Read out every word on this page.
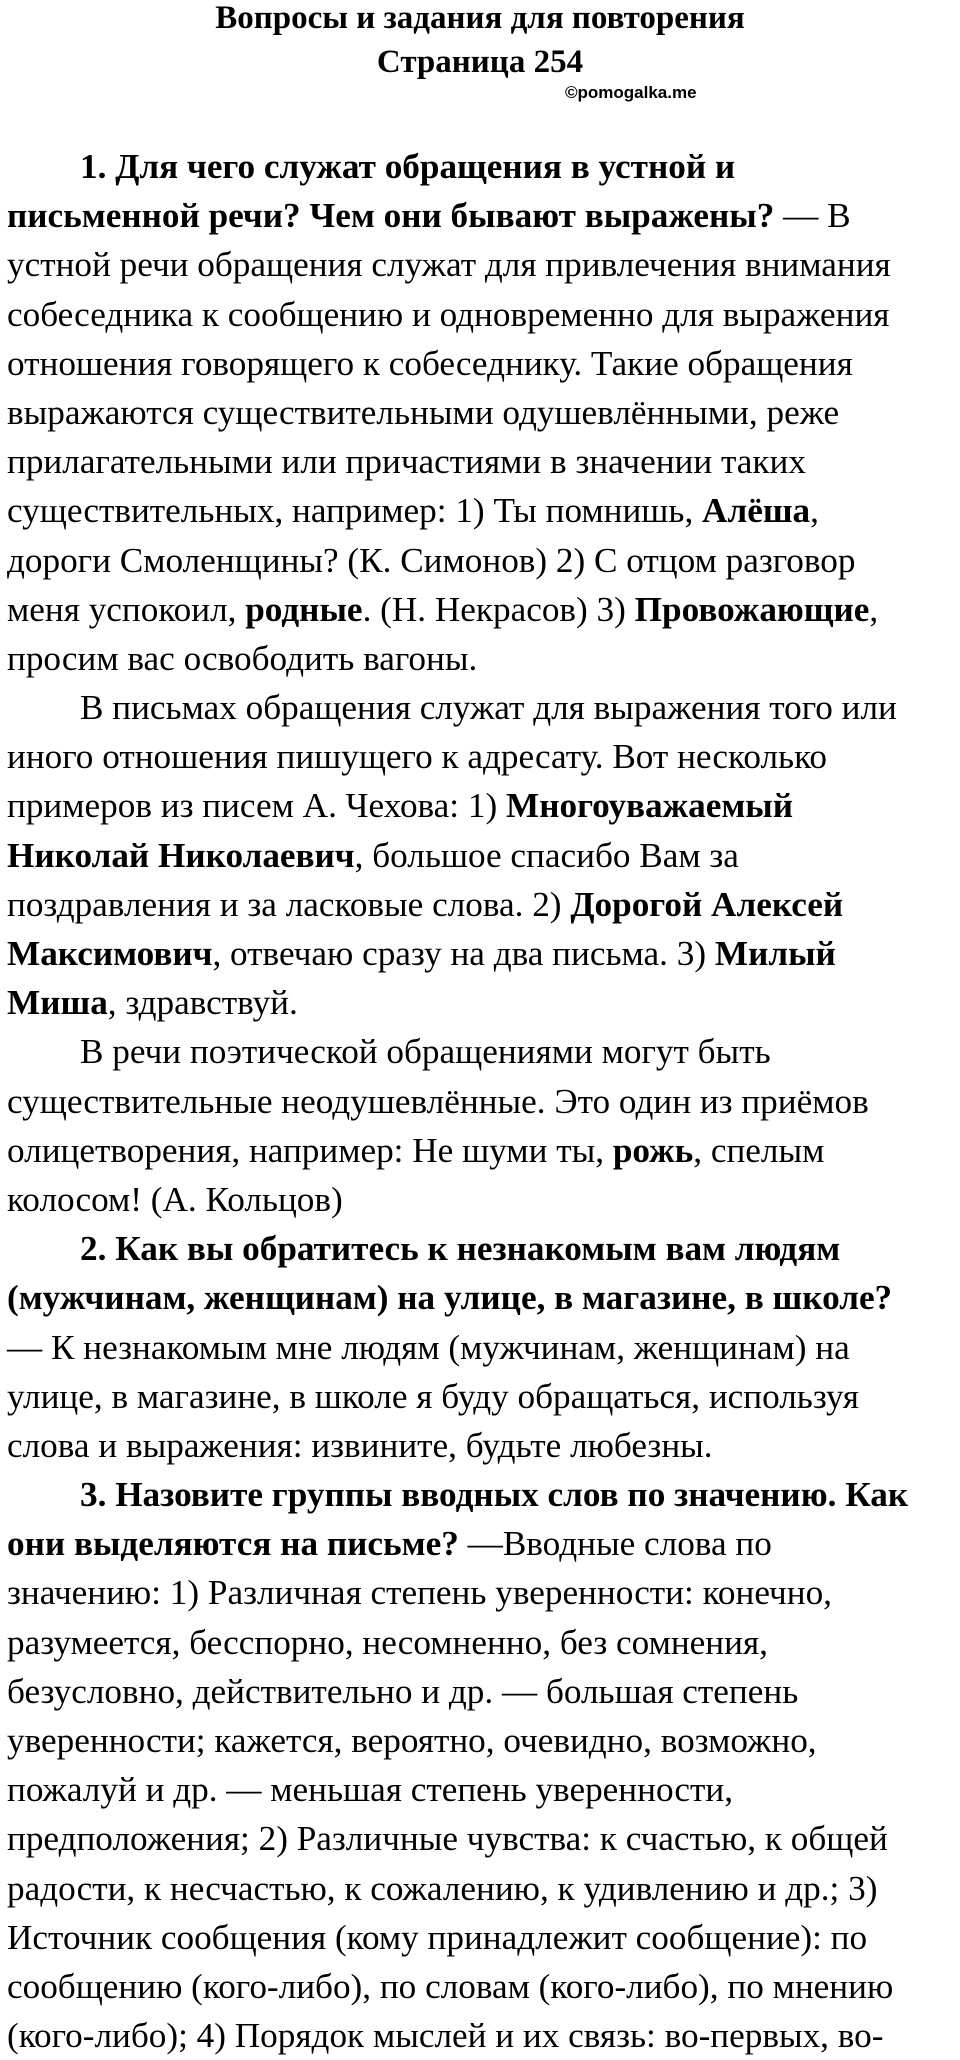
Вопросы и задания для повторения
Страница 254
©pomogalka.me
1. Для чего служат обращения в устной и
письменной речи? Чем они бывают выражены? — В
устной речи обращения служат для привлечения внимания
собеседника к сообщению и одновременно для выражения
отношения говорящего к собеседнику. Такие обращения
выражаются существительными одушевлёнными, реже
прилагательными или причастиями в значении таких
существительных, например: 1) Ты помнишь, Алёша,
дороги Смоленщины? (К. Симонов) 2) С отцом разговор
меня успокоил, родные. (Н. Некрасов) 3) Провожающие,
просим вас освободить вагоны.
В письмах обращения служат для выражения того или
иного отношения пишущего к адресату. Вот несколько
примеров из писем А. Чехова: 1) Многоуважаемый
Николай Николаевич, большое спасибо Вам за
поздравления и за ласковые слова. 2) Дорогой Алексей
Максимович, отвечаю сразу на два письма. 3) Милый
Миша, здравствуй.
В речи поэтической обращениями могут быть
существительные неодушевлённые. Это один из приёмов
олицетворения, например: Не шуми ты, рожь, спелым
колосом! (А. Кольцов)
2. Как вы обратитесь к незнакомым вам людям
(мужчинам, женщинам) на улице, в магазине, в школе?
— К незнакомым мне людям (мужчинам, женщинам) на
улице, в магазине, в школе я буду обращаться, используя
слова и выражения: извините, будьте любезны.
3. Назовите группы вводных слов по значению. Как
они выделяются на письме? —Вводные слова по
значению: 1) Различная степень уверенности: конечно,
разумеется, бесспорно, несомненно, без сомнения,
безусловно, действительно и др. — большая степень
уверенности; кажется, вероятно, очевидно, возможно,
пожалуй и др. — меньшая степень уверенности,
предположения; 2) Различные чувства: к счастью, к общей
радости, к несчастью, к сожалению, к удивлению и др.; 3)
Источник сообщения (кому принадлежит сообщение): по
сообщению (кого-либо), по словам (кого-либо), по мнению
(кого-либо); 4) Порядок мыслей и их связь: во-первых, во-
